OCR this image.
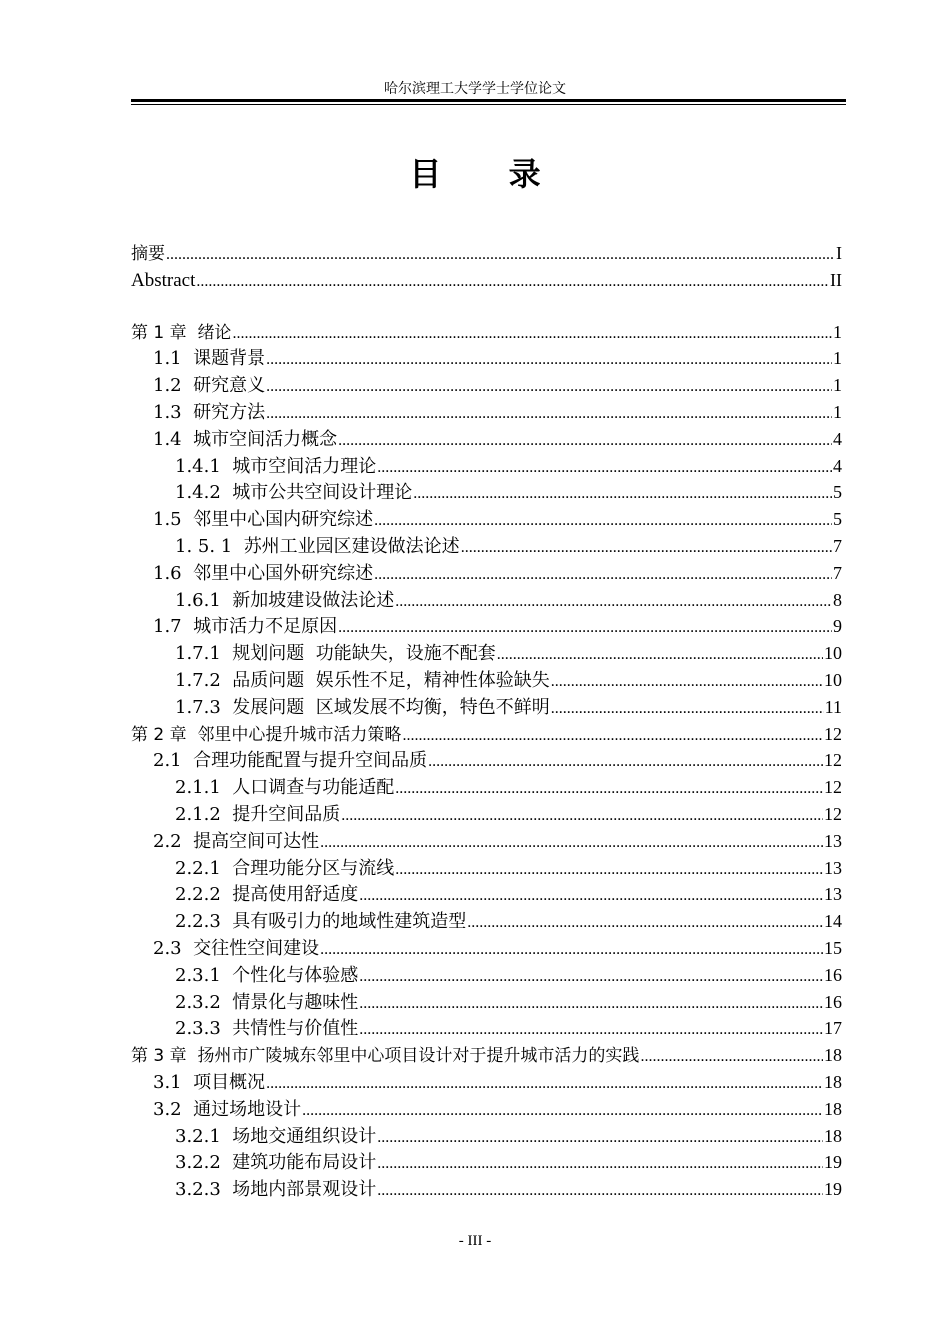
哈尔滨理工大学学士学位论文
目 录
摘要 .....	I
Abstract .....	II
第 1 章 绪论 .....	1
1.1 课题背景 .....	1
1.2 研究意义 .....	1
1.3 研究方法 .....	1
1.4 城市空间活力概念 .....	4
1.4.1 城市空间活力理论 .....	4
1.4.2 城市公共空间设计理论 .....	5
1.5 邻里中心国内研究综述 .....	5
1. 5. 1 苏州工业园区建设做法论述 .....	7
1.6 邻里中心国外研究综述 .....	7
1.6.1 新加坡建设做法论述 .....	8
1.7 城市活力不足原因 .....	9
1.7.1 规划问题  功能缺失，设施不配套 .....	10
1.7.2 品质问题  娱乐性不足，精神性体验缺失 .....	10
1.7.3 发展问题  区域发展不均衡，特色不鲜明 .....	11
第 2 章 邻里中心提升城市活力策略 .....	12
2.1 合理功能配置与提升空间品质 .....	12
2.1.1 人口调查与功能适配 .....	12
2.1.2 提升空间品质 .....	12
2.2 提高空间可达性 .....	13
2.2.1 合理功能分区与流线 .....	13
2.2.2 提高使用舒适度 .....	13
2.2.3 具有吸引力的地域性建筑造型 .....	14
2.3 交往性空间建设 .....	15
2.3.1 个性化与体验感 .....	16
2.3.2 情景化与趣味性 .....	16
2.3.3 共情性与价值性 .....	17
第 3 章 扬州市广陵城东邻里中心项目设计对于提升城市活力的实践 .....	18
3.1 项目概况 .....	18
3.2 通过场地设计 .....	18
3.2.1 场地交通组织设计 .....	18
3.2.2 建筑功能布局设计 .....	19
3.2.3 场地内部景观设计 .....	19
- III -
